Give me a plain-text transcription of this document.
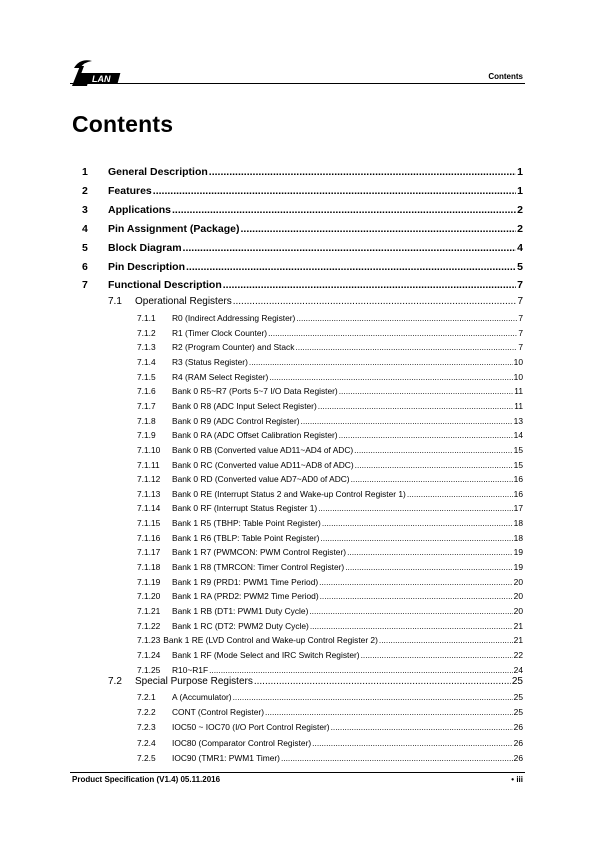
LAN	Contents
Contents
1	General Description .....	1
2	Features .....	1
3	Applications .....	2
4	Pin Assignment (Package) .....	2
5	Block Diagram .....	4
6	Pin Description .....	5
7	Functional Description .....	7
7.1	Operational Registers .....	7
7.1.1	R0 (Indirect Addressing Register) .....	7
7.1.2	R1 (Timer Clock Counter) .....	7
7.1.3	R2 (Program Counter) and Stack .....	7
7.1.4	R3 (Status Register) .....	10
7.1.5	R4 (RAM Select Register) .....	10
7.1.6	Bank 0 R5~R7 (Ports 5~7 I/O Data Register) .....	11
7.1.7	Bank 0 R8 (ADC Input Select Register) .....	11
7.1.8	Bank 0 R9 (ADC Control Register) .....	13
7.1.9	Bank 0 RA (ADC Offset Calibration Register) .....	14
7.1.10	Bank 0 RB (Converted value AD11~AD4 of ADC) .....	15
7.1.11	Bank 0 RC (Converted value AD11~AD8 of ADC) .....	15
7.1.12	Bank 0 RD (Converted value AD7~AD0 of ADC) .....	16
7.1.13	Bank 0 RE (Interrupt Status 2 and Wake-up Control Register 1) .....	16
7.1.14	Bank 0 RF (Interrupt Status Register 1) .....	17
7.1.15	Bank 1 R5 (TBHP: Table Point Register) .....	18
7.1.16	Bank 1 R6 (TBLP: Table Point Register) .....	18
7.1.17	Bank 1 R7 (PWMCON: PWM Control Register) .....	19
7.1.18	Bank 1 R8 (TMRCON: Timer Control Register) .....	19
7.1.19	Bank 1 R9 (PRD1: PWM1 Time Period) .....	20
7.1.20	Bank 1 RA (PRD2: PWM2 Time Period) .....	20
7.1.21	Bank 1 RB (DT1: PWM1 Duty Cycle) .....	20
7.1.22	Bank 1 RC (DT2: PWM2 Duty Cycle) .....	21
7.1.23 Bank 1 RE (LVD Control and Wake-up Control Register 2) .....	21
7.1.24	Bank 1 RF (Mode Select and IRC Switch Register) .....	22
7.1.25	R10~R1F .....	24
7.2	Special Purpose Registers .....	25
7.2.1	A (Accumulator) .....	25
7.2.2	CONT (Control Register) .....	25
7.2.3	IOC50 ~ IOC70 (I/O Port Control Register) .....	26
7.2.4	IOC80 (Comparator Control Register) .....	26
7.2.5	IOC90 (TMR1: PWM1 Timer) .....	26
Product Specification (V1.4) 05.11.2016	• iii
